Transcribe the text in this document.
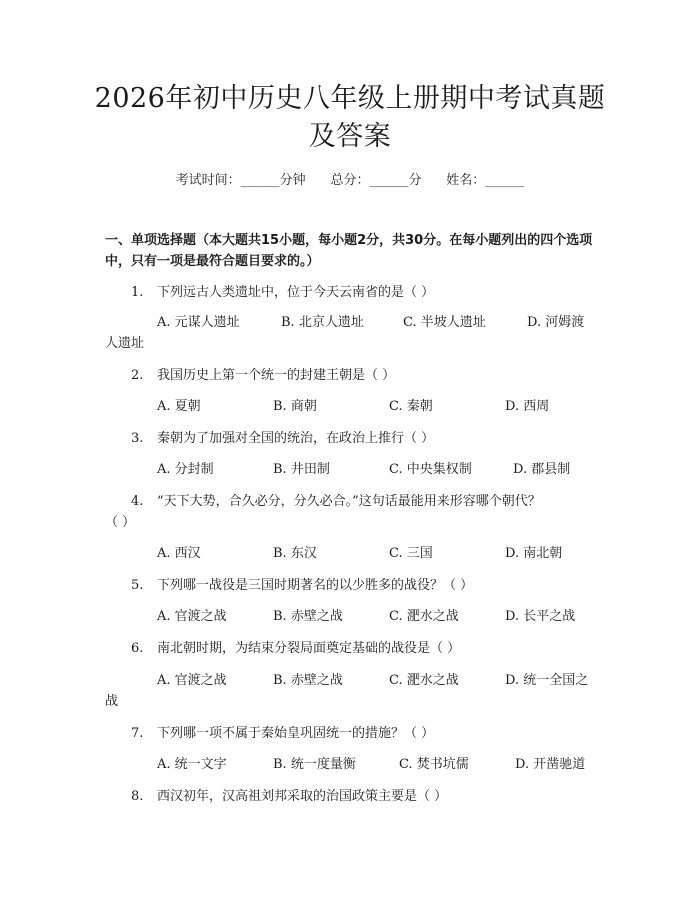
2026年初中历史八年级上册期中考试真题及答案
考试时间：______分钟 总分：______分 姓名：______
一、单项选择题（本大题共15小题，每小题2分，共30分。在每小题列出的四个选项中，只有一项是最符合题目要求的。）
1. 下列远古人类遗址中，位于今天云南省的是（ ）
A. 元谋人遗址	B. 北京人遗址	C. 半坡人遗址	D. 河姆渡
人遗址
2. 我国历史上第一个统一的封建王朝是（ ）
A. 夏朝	B. 商朝	C. 秦朝	D. 西周
3. 秦朝为了加强对全国的统治，在政治上推行（ ）
A. 分封制	B. 井田制	C. 中央集权制	D. 郡县制
4. “天下大势，合久必分，分久必合。”这句话最能用来形容哪个朝代？
（ ）
A. 西汉	B. 东汉	C. 三国	D. 南北朝
5. 下列哪一战役是三国时期著名的以少胜多的战役？（ ）
A. 官渡之战	B. 赤壁之战	C. 淝水之战	D. 长平之战
6. 南北朝时期，为结束分裂局面奠定基础的战役是（ ）
A. 官渡之战	B. 赤壁之战	C. 淝水之战	D. 统一全国之
战
7. 下列哪一项不属于秦始皇巩固统一的措施？（ ）
A. 统一文字	B. 统一度量衡	C. 焚书坑儒	D. 开凿驰道
8. 西汉初年，汉高祖刘邦采取的治国政策主要是（ ）
